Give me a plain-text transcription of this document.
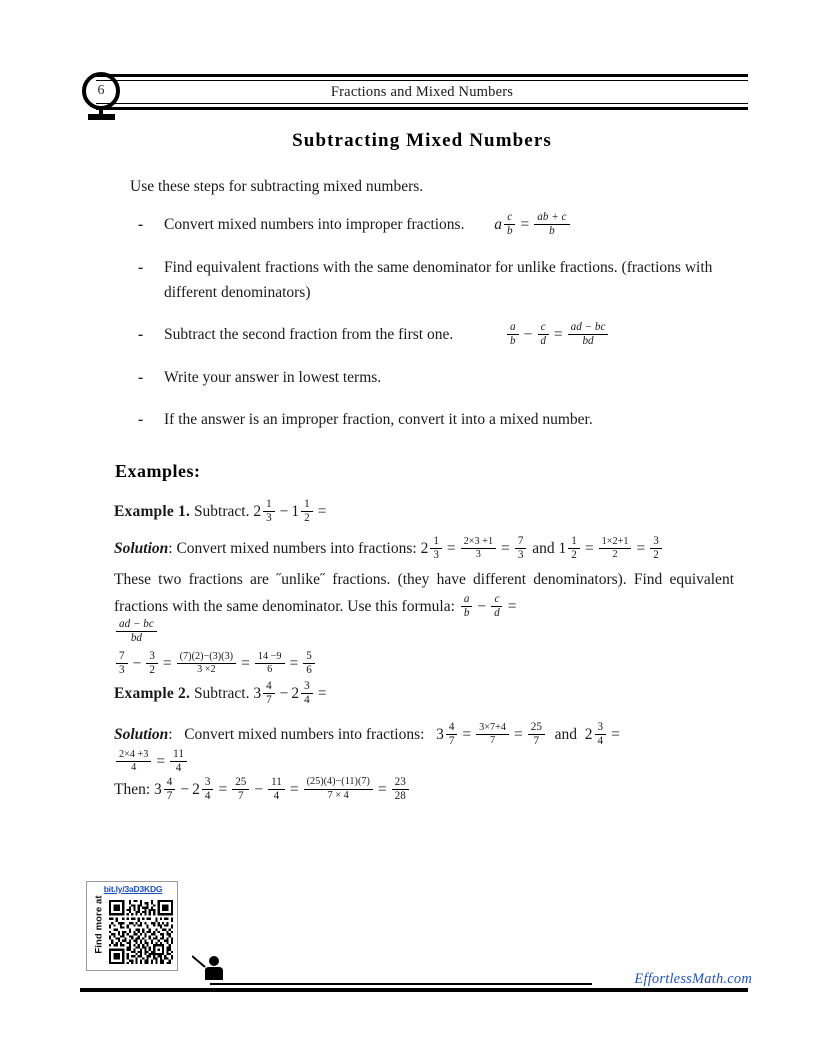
6	Fractions and Mixed Numbers
Subtracting Mixed Numbers
Use these steps for subtracting mixed numbers.
- Convert mixed numbers into improper fractions. a $\frac{c}{b} = \frac{ab + c}{b}$
- Find equivalent fractions with the same denominator for unlike fractions. (fractions with different denominators)
- Subtract the second fraction from the first one.	$\frac{a}{b} - \frac{c}{d} = \frac{ad - bc}{bd}$
- Write your answer in lowest terms.
- If the answer is an improper fraction, convert it into a mixed number.
Examples:
Example 1. Subtract. $2 \frac{1}{3} - 1 \frac{1}{2}$ =
Solution: Convert mixed numbers into fractions: $2 \frac{1}{3} = \frac{2\times 3 +1}{3} = \frac{7}{3}$ and $1 \frac{1}{2} = \frac{1\times 2+1}{2} = \frac{3}{2}$
These two fractions are ˝unlike˝ fractions. (they have different denominators). Find equivalent fractions with the same denominator. Use this formula: $\frac{a}{b} - \frac{c}{d}$ =
$\frac{ad - bc}{bd}$
$\frac{7}{3} - \frac{3}{2} = \frac{(7)(2)-(3)(3)}{3 \times 2} = \frac{14 -9}{6} = \frac{5}{6}$
Example 2. Subtract. $3 \frac{4}{7} - 2 \frac{3}{4}$ =
Solution: Convert mixed numbers into fractions: $3 \frac{4}{7} = \frac{3\times 7+4}{7} = \frac{25}{7}$ and  $2 \frac{3}{4}$ =
$\frac{2\times 4 +3}{4} = \frac{11}{4}$
Then: $3 \frac{4}{7} - 2 \frac{3}{4} = \frac{25}{7} - \frac{11}{4} = \frac{(25)(4)-(11)(7)}{7 \times 4} = \frac{23}{28}$
bit.ly/3aD3KDG
Find more at
EffortlessMath.com
